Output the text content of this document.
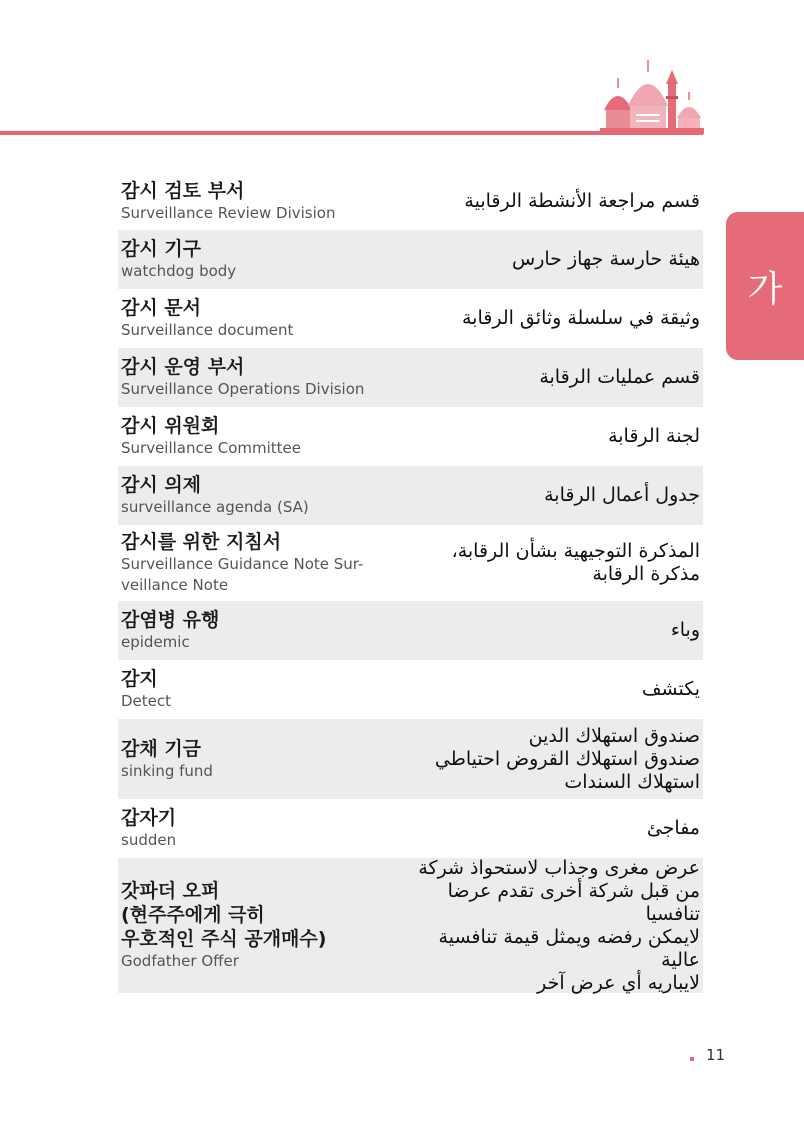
가
감시 검토 부서
Surveillance Review Division
قسم مراجعة الأنشطة الرقابية
감시 기구
watchdog body
هيئة حارسة جهاز حارس
감시 문서
Surveillance document
وثيقة في سلسلة وثائق الرقابة
감시 운영 부서
Surveillance Operations Division
قسم عمليات الرقابة
감시 위원회
Surveillance Committee
لجنة الرقابة
감시 의제
surveillance agenda (SA)
جدول أعمال الرقابة
감시를 위한 지침서
Surveillance Guidance Note Sur-
veillance Note
المذكرة التوجيهية بشأن الرقابة،
مذكرة الرقابة
감염병 유행
epidemic
وباء
감지
Detect
يكتشف
감채 기금
sinking fund
صندوق استهلاك الدين
صندوق استهلاك القروض احتياطي
استهلاك السندات
갑자기
sudden
مفاجئ
갓파더 오퍼
(현주주에게 극히
우호적인 주식 공개매수)
Godfather Offer
عرض مغرى وجذاب لاستحواذ شركة
من قبل شركة أخرى تقدم عرضا تنافسيا
لايمكن رفضه ويمثل قيمة تنافسية عالية
لايباريه أي عرض آخر
11
